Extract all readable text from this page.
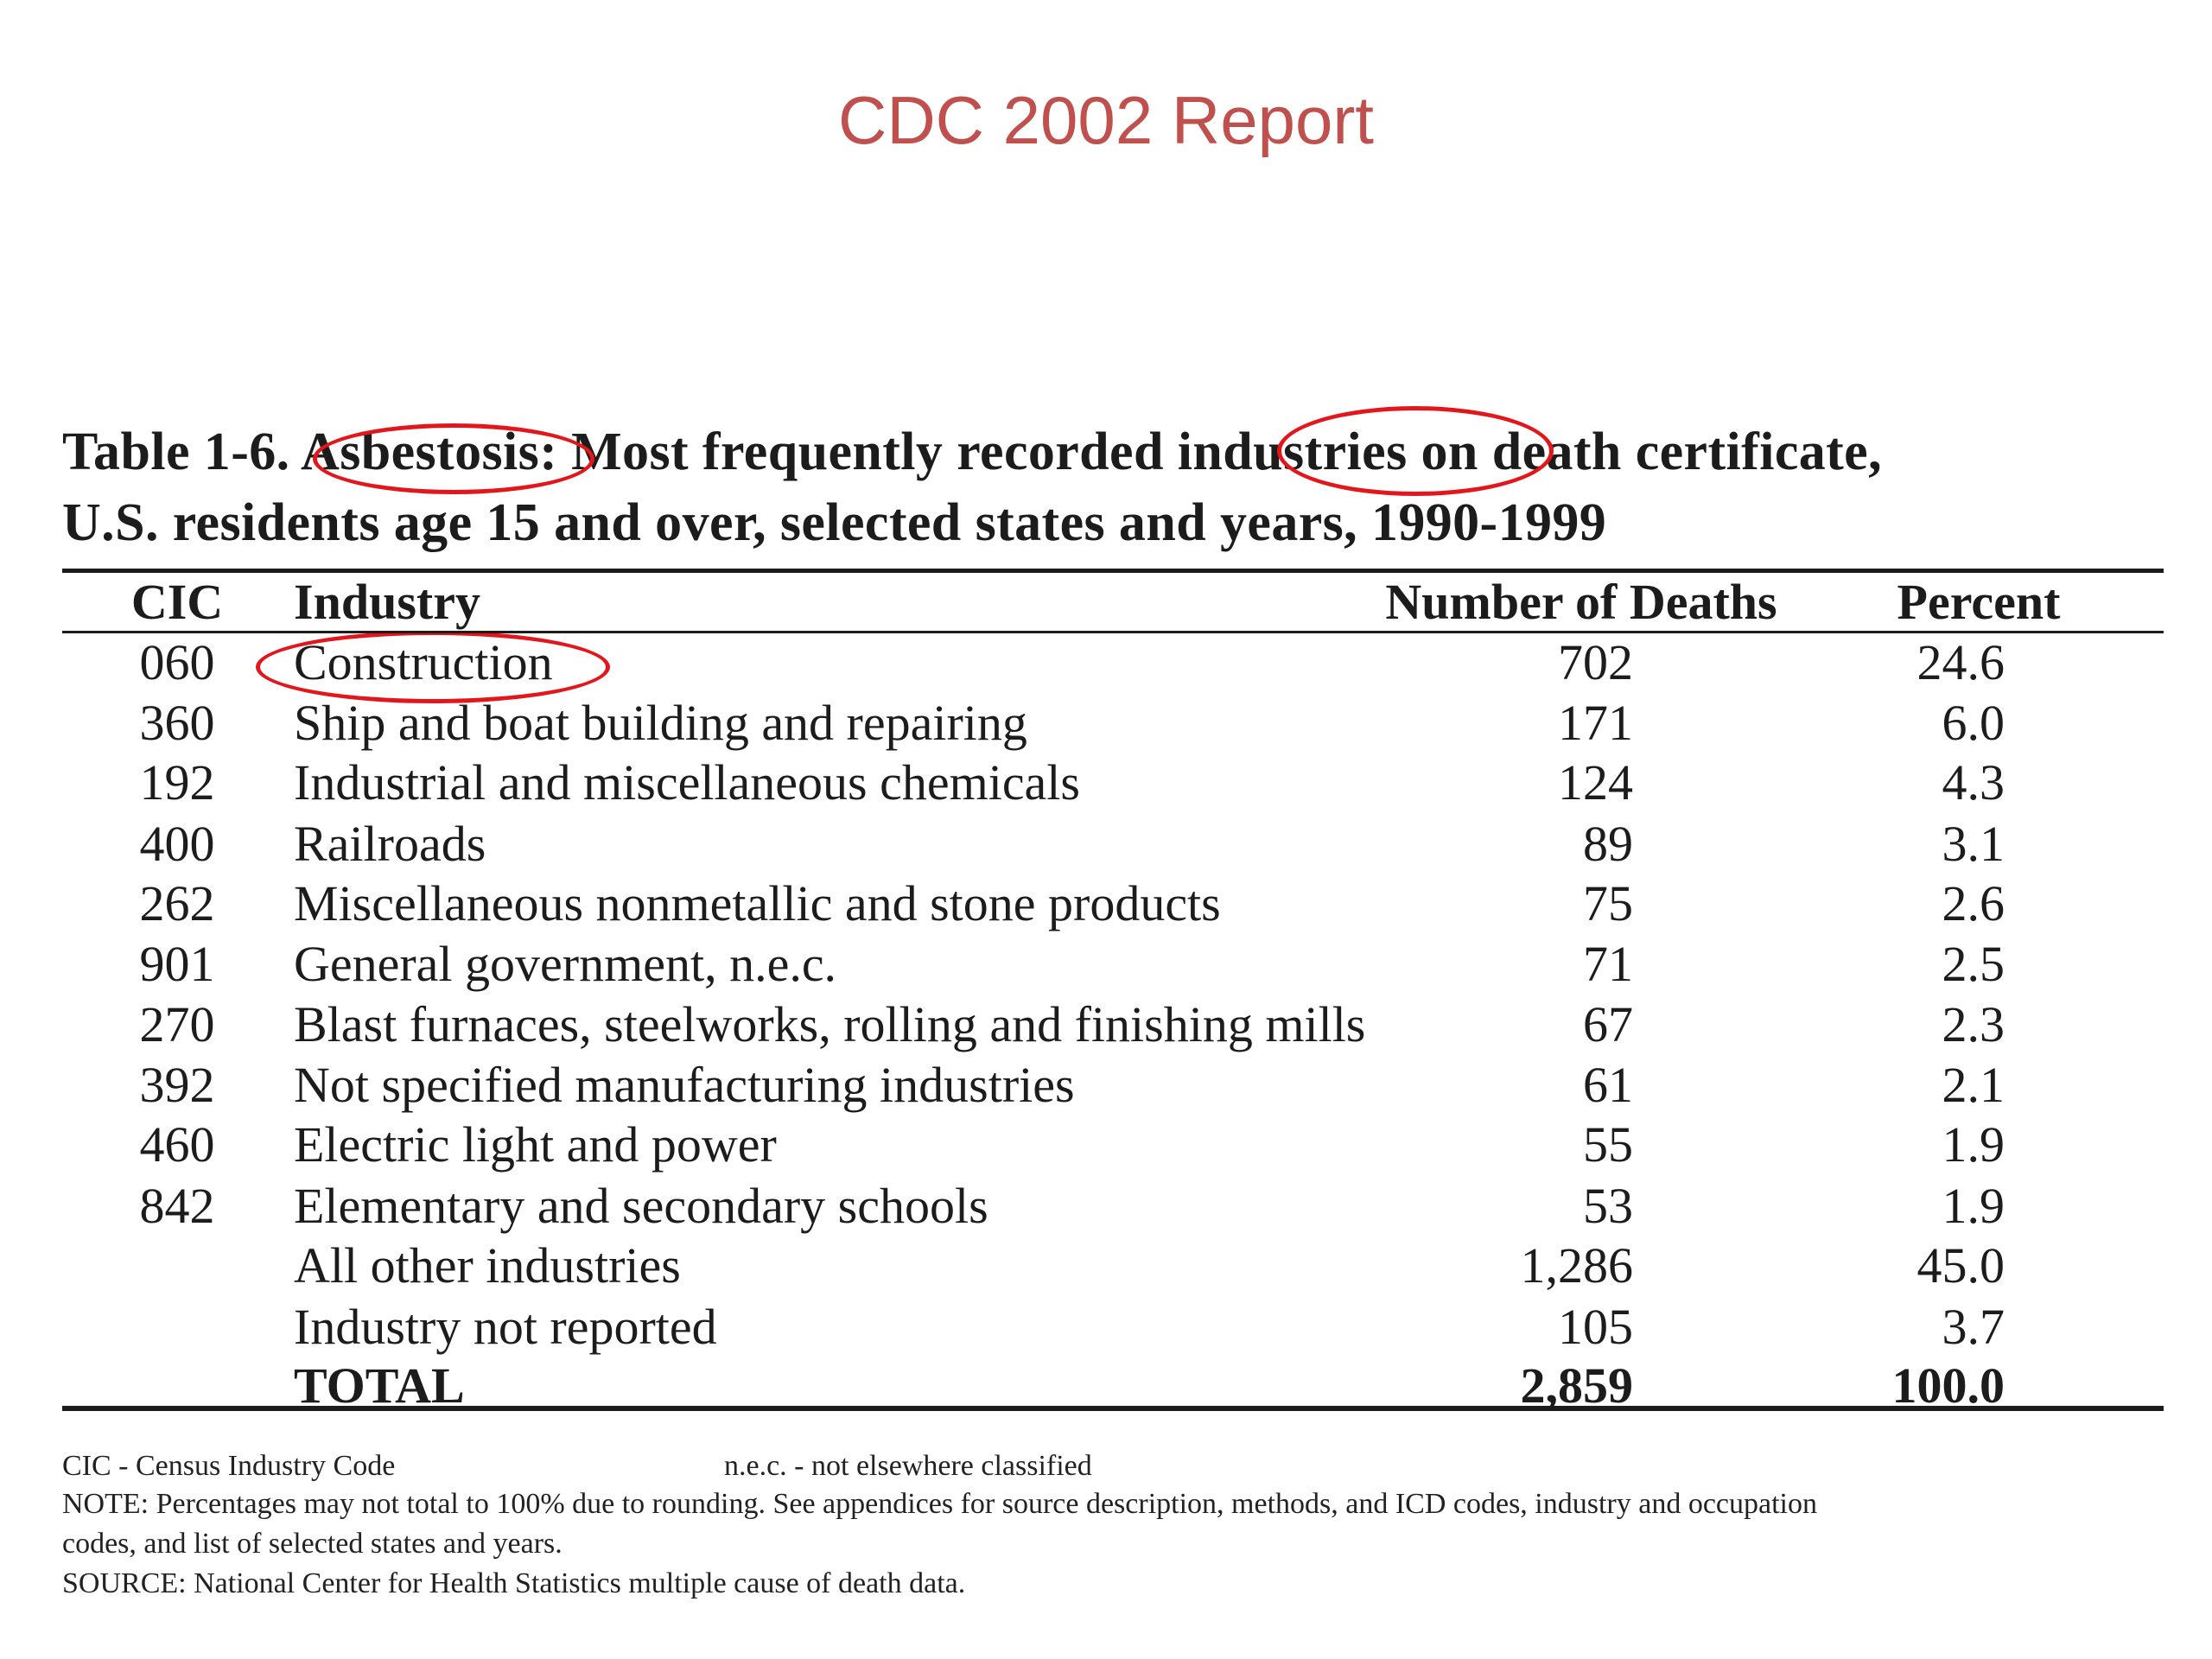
CDC 2002 Report
Table 1-6. Asbestosis: Most frequently recorded industries on death certificate,
U.S. residents age 15 and over, selected states and years, 1990-1999
CIC Industry	Number of Deaths	Percent
060 Construction	702	24.6
360 Ship and boat building and repairing	171	6.0
192 Industrial and miscellaneous chemicals	124	4.3
400 Railroads	89	3.1
262 Miscellaneous nonmetallic and stone products	75	2.6
901 General government, n.e.c.	71	2.5
270 Blast furnaces, steelworks, rolling and finishing mills	67	2.3
392 Not specified manufacturing industries	61	2.1
460 Electric light and power	55	1.9
842 Elementary and secondary schools	53	1.9
All other industries	1,286	45.0
Industry not reported	105	3.7
TOTAL	2,859	100.0
CIC - Census Industry Code	n.e.c. - not elsewhere classified
NOTE: Percentages may not total to 100% due to rounding. See appendices for source description, methods, and ICD codes, industry and occupation
codes, and list of selected states and years.
SOURCE: National Center for Health Statistics multiple cause of death data.
